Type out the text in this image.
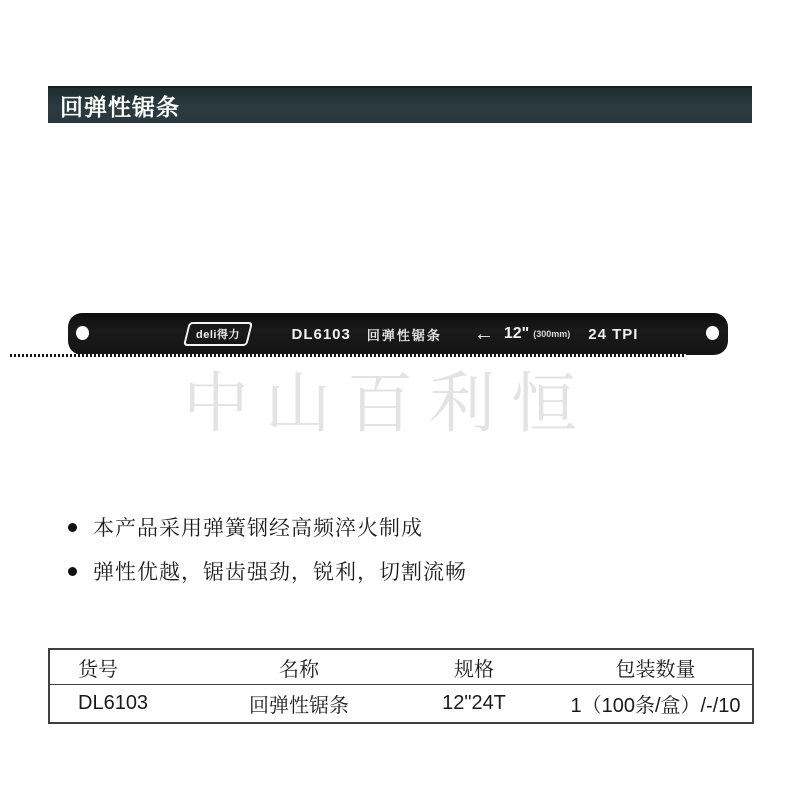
回弹性锯条
deli得力	DL6103 回弹性锯条 ← 12" (300mm) 24 TPI
中山百利恒
本产品采用弹簧钢经高频淬火制成
弹性优越，锯齿强劲，锐利，切割流畅
货号	名称	规格	包装数量
DL6103	回弹性锯条	12"24T	1（100条/盒）/-/10
